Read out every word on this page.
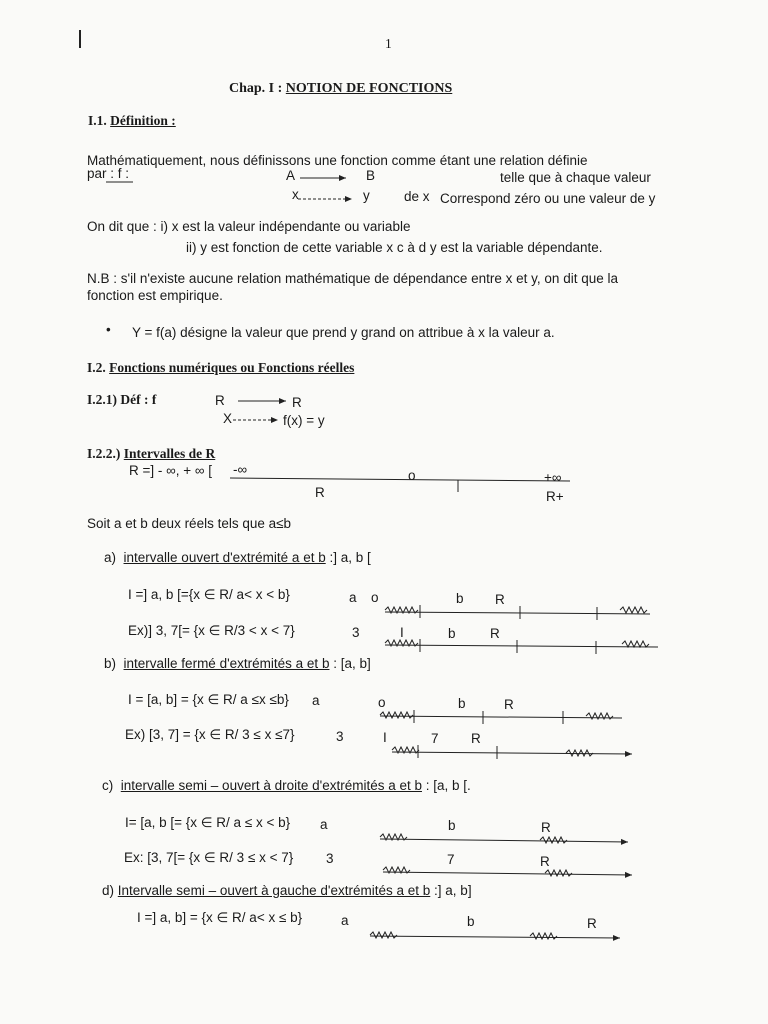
1
Chap. I : NOTION DE FONCTIONS
I.1. Définition :
Mathématiquement, nous définissons une fonction comme étant une relation définie
par : f :	A	B	telle que à chaque valeur
x	y	de x Correspond zéro ou une valeur de y
On dit que : i) x est la valeur indépendante ou variable
ii) y est fonction de cette variable x c à d y est la variable dépendante.
N.B : s'il n'existe aucune relation mathématique de dépendance entre x et y, on dit que la
fonction est empirique.
• Y = f(a) désigne la valeur que prend y grand on attribue à x la valeur a.
I.2. Fonctions numériques ou Fonctions réelles
I.2.1) Déf : f	R	R
X	f(x) = y
I.2.2.) Intervalles de R
R =] - ∞, + ∞ [ -∞	o	+∞
R	R+
Soit a et b deux réels tels que a≤b
a) intervalle ouvert d'extrémité a et b :] a, b [
I =] a, b [={x ∈ R/ a< x < b}	a o	b R
Ex)] 3, 7[= {x ∈ R/3 < x < 7}	3	I	b	R
b) intervalle fermé d'extrémités a et b : [a, b]
I = [a, b] = {x ∈ R/ a ≤x ≤b} a	o	b	R
Ex) [3, 7] = {x ∈ R/ 3 ≤ x ≤7}	3	I	7 R
c) intervalle semi – ouvert à droite d'extrémités a et b : [a, b [.
I= [a, b [= {x ∈ R/ a ≤ x < b} a	b	R
Ex: [3, 7[= {x ∈ R/ 3 ≤ x < 7} 3	7	R
d) Intervalle semi – ouvert à gauche d'extrémités a et b :] a, b]
I =] a, b] = {x ∈ R/ a< x ≤ b}	a	b	R
